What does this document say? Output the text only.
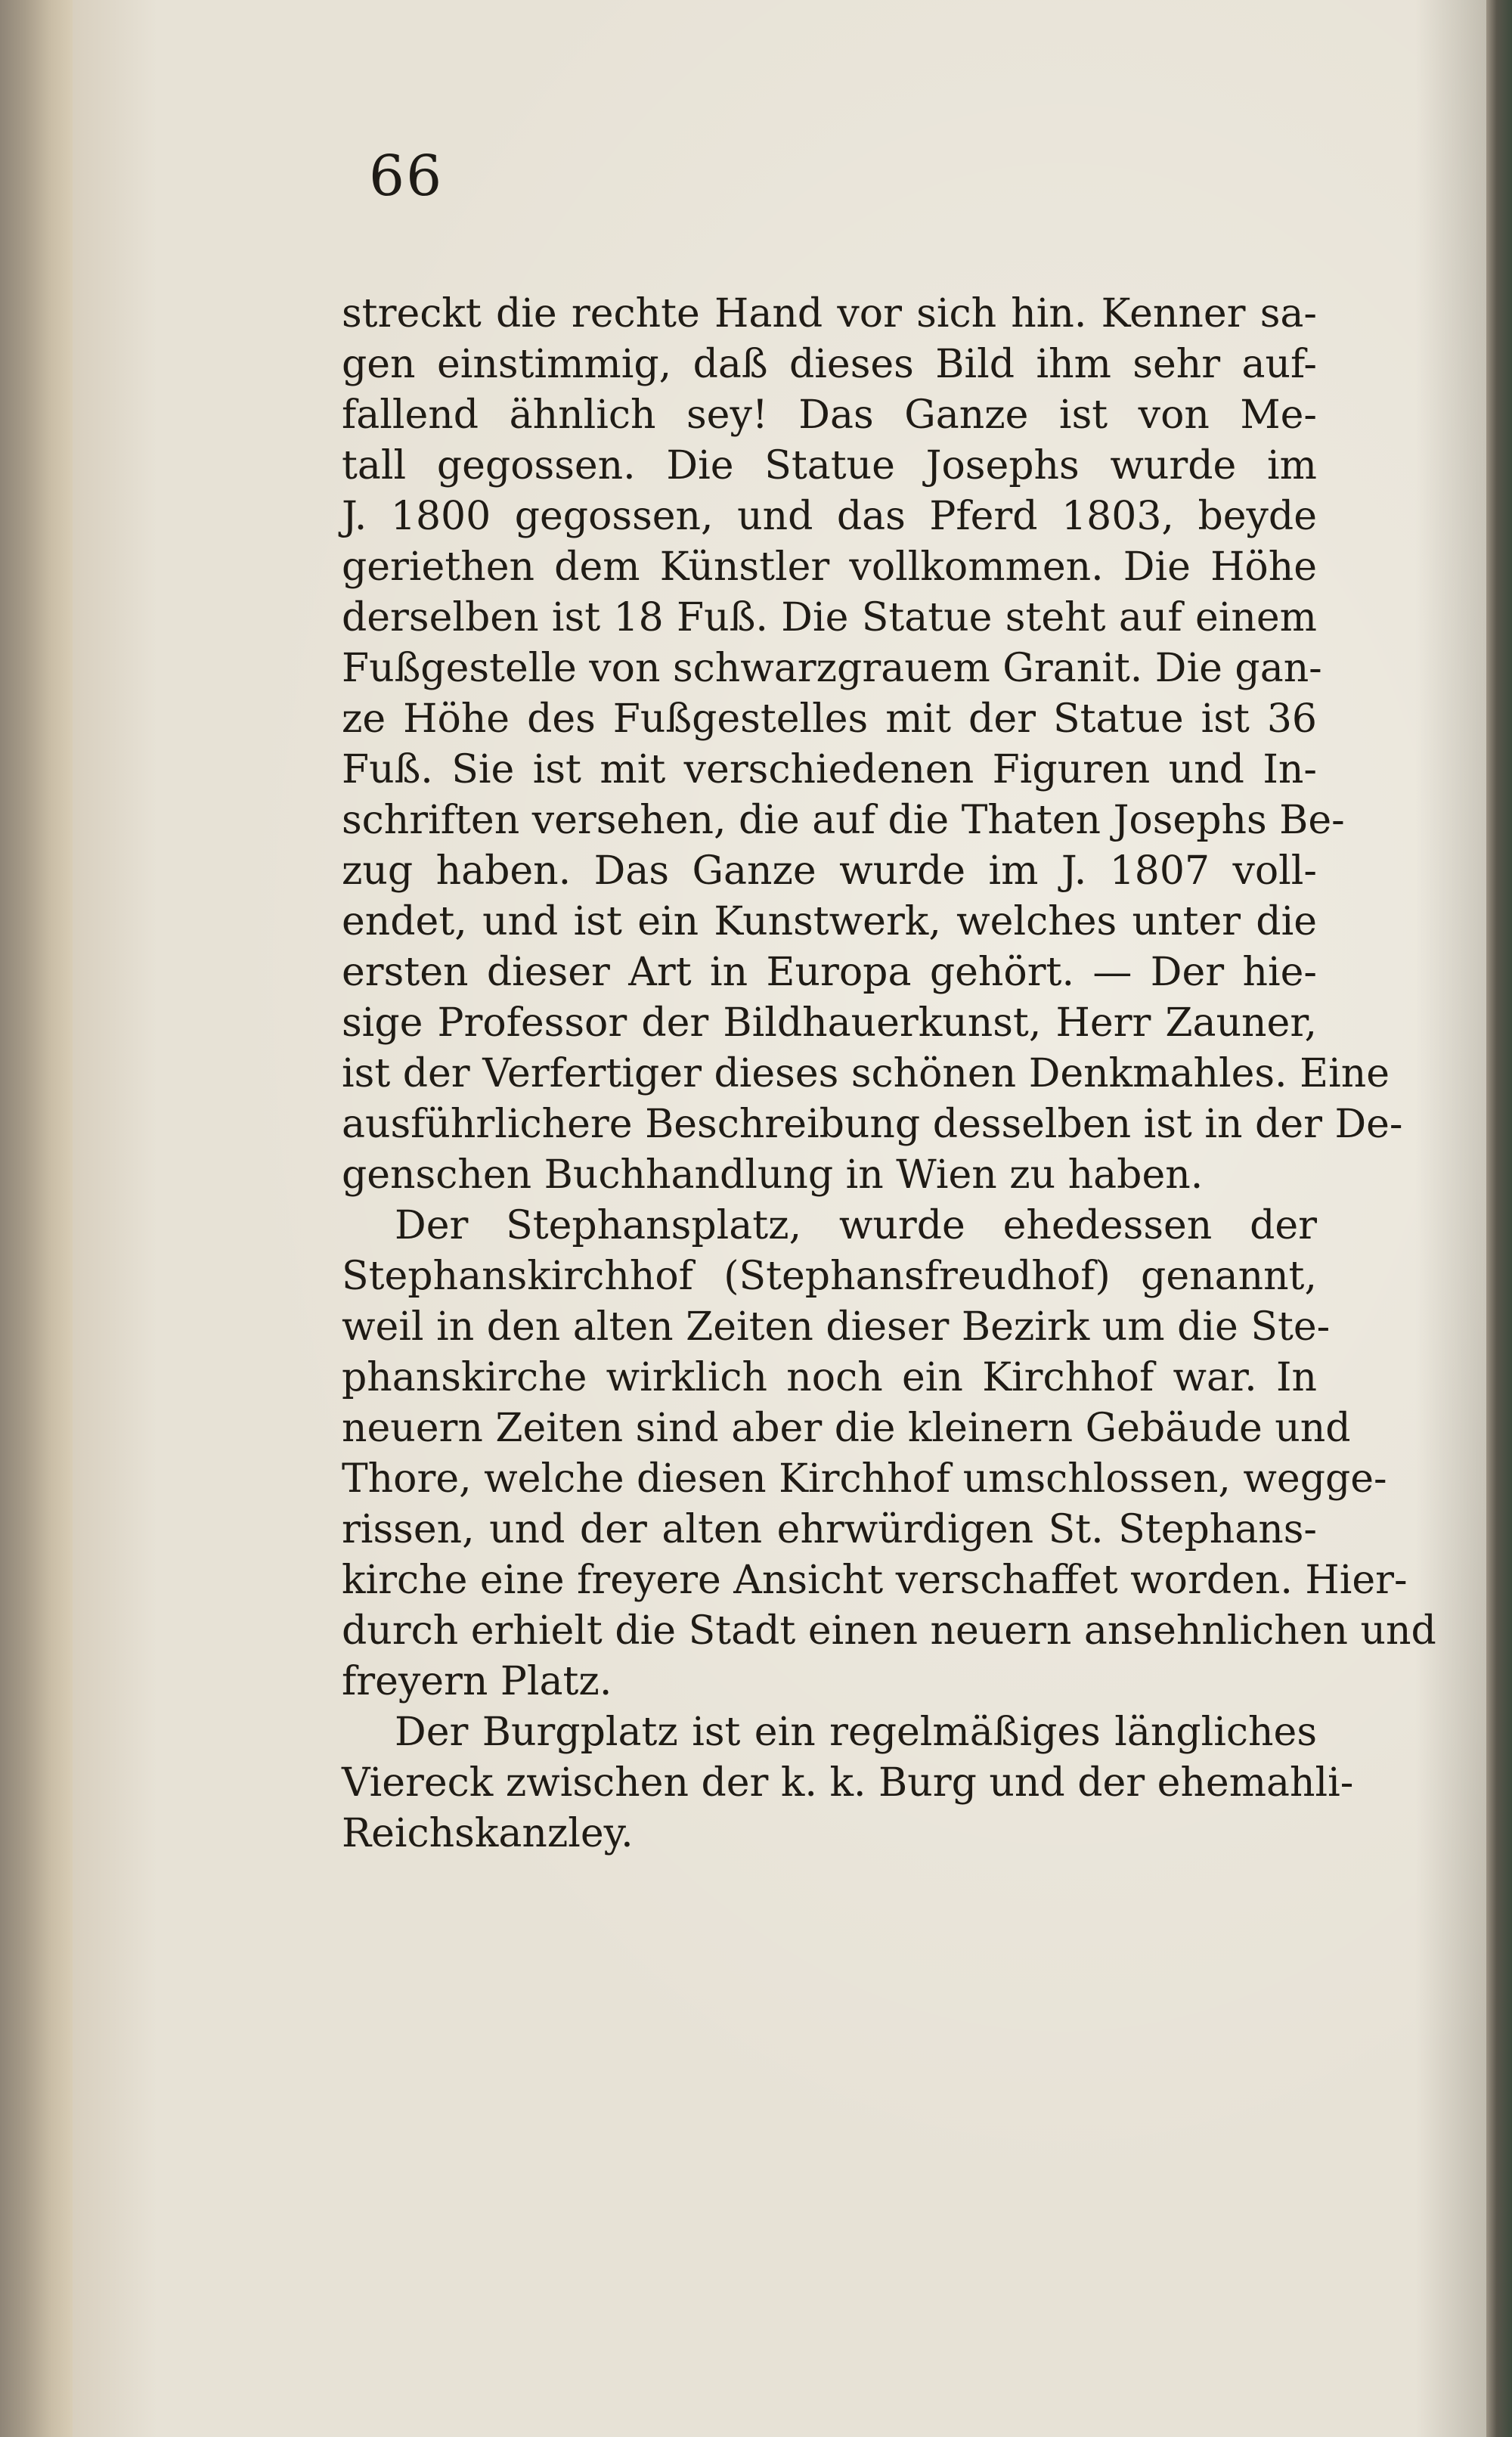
66
streckt die rechte Hand vor sich hin. Kenner sa-
gen einstimmig, daß dieses Bild ihm sehr auf-
fallend ähnlich sey! Das Ganze ist von Me-
tall gegossen. Die Statue Josephs wurde im
J. 1800 gegossen, und das Pferd 1803, beyde
geriethen dem Künstler vollkommen. Die Höhe
derselben ist 18 Fuß. Die Statue steht auf einem
Fußgestelle von schwarzgrauem Granit. Die gan-
ze Höhe des Fußgestelles mit der Statue ist 36
Fuß. Sie ist mit verschiedenen Figuren und In-
schriften versehen, die auf die Thaten Josephs Be-
zug haben. Das Ganze wurde im J. 1807 voll-
endet, und ist ein Kunstwerk, welches unter die
ersten dieser Art in Europa gehört. — Der hie-
sige Professor der Bildhauerkunst, Herr Zauner,
ist der Verfertiger dieses schönen Denkmahles. Eine
ausführlichere Beschreibung desselben ist in der De-
genschen Buchhandlung in Wien zu haben.
Der Stephansplatz, wurde ehedessen der
Stephanskirchhof (Stephansfreudhof) genannt,
weil in den alten Zeiten dieser Bezirk um die Ste-
phanskirche wirklich noch ein Kirchhof war. In
neuern Zeiten sind aber die kleinern Gebäude und
Thore, welche diesen Kirchhof umschlossen, wegge-
rissen, und der alten ehrwürdigen St. Stephans-
kirche eine freyere Ansicht verschaffet worden. Hier-
durch erhielt die Stadt einen neuern ansehnlichen und
freyern Platz.
Der Burgplatz ist ein regelmäßiges längliches
Viereck zwischen der k. k. Burg und der ehemahli-
Reichskanzley.
